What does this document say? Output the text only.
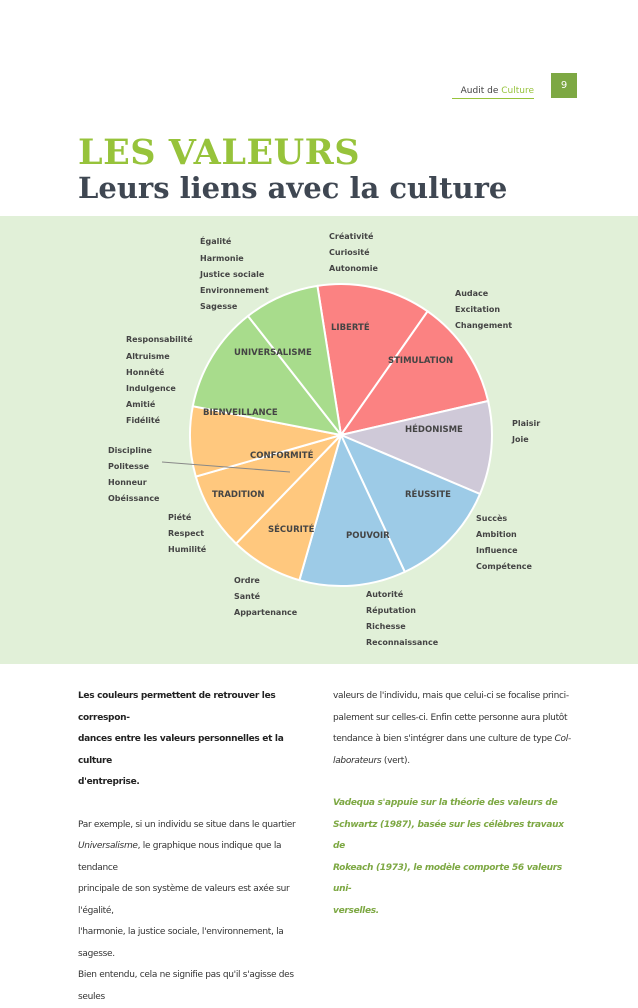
Audit de Culture	9
LES VALEURS
Leurs liens avec la culture
LIBERTÉ
STIMULATION
HÉDONISME
RÉUSSITE
POUVOIR
SÉCURITÉ
TRADITION
CONFORMITÉ
BIENVEILLANCE
UNIVERSALISME
Égalité
Harmonie
Justice sociale
Environnement
Sagesse
Créativité
Curiosité
Autonomie
Audace
Excitation
Changement
Responsabilité
Altruisme
Honnêté
Indulgence
Amitié
Fidélité	Plaisir
Joie
Discipline
Politesse
Honneur
Obéissance
Piété
Respect
Humilité
Succès
Ambition
Influence
Compétence
Ordre
Santé
Appartenance
Autorité
Réputation
Richesse
Reconnaissance

Les couleurs permettent de retrouver les correspon-

dances entre les valeurs personnelles et la culture

d'entreprise.

Par exemple, si un individu se situe dans le quartier

Universalisme, le graphique nous indique que la tendance

principale de son système de valeurs est axée sur l'égalité,

l'harmonie, la justice sociale, l'environnement, la sagesse.

Bien entendu, cela ne signifie pas qu'il s'agisse des seules

valeurs de l'individu, mais que celui-ci se focalise princi-

palement sur celles-ci. Enfin cette personne aura plutôt

tendance à bien s'intégrer dans une culture de type Col-

laborateurs (vert).

Vadequa s'appuie sur la théorie des valeurs de

Schwartz (1987), basée sur les célèbres travaux de

Rokeach (1973), le modèle comporte 56 valeurs uni-

verselles.
